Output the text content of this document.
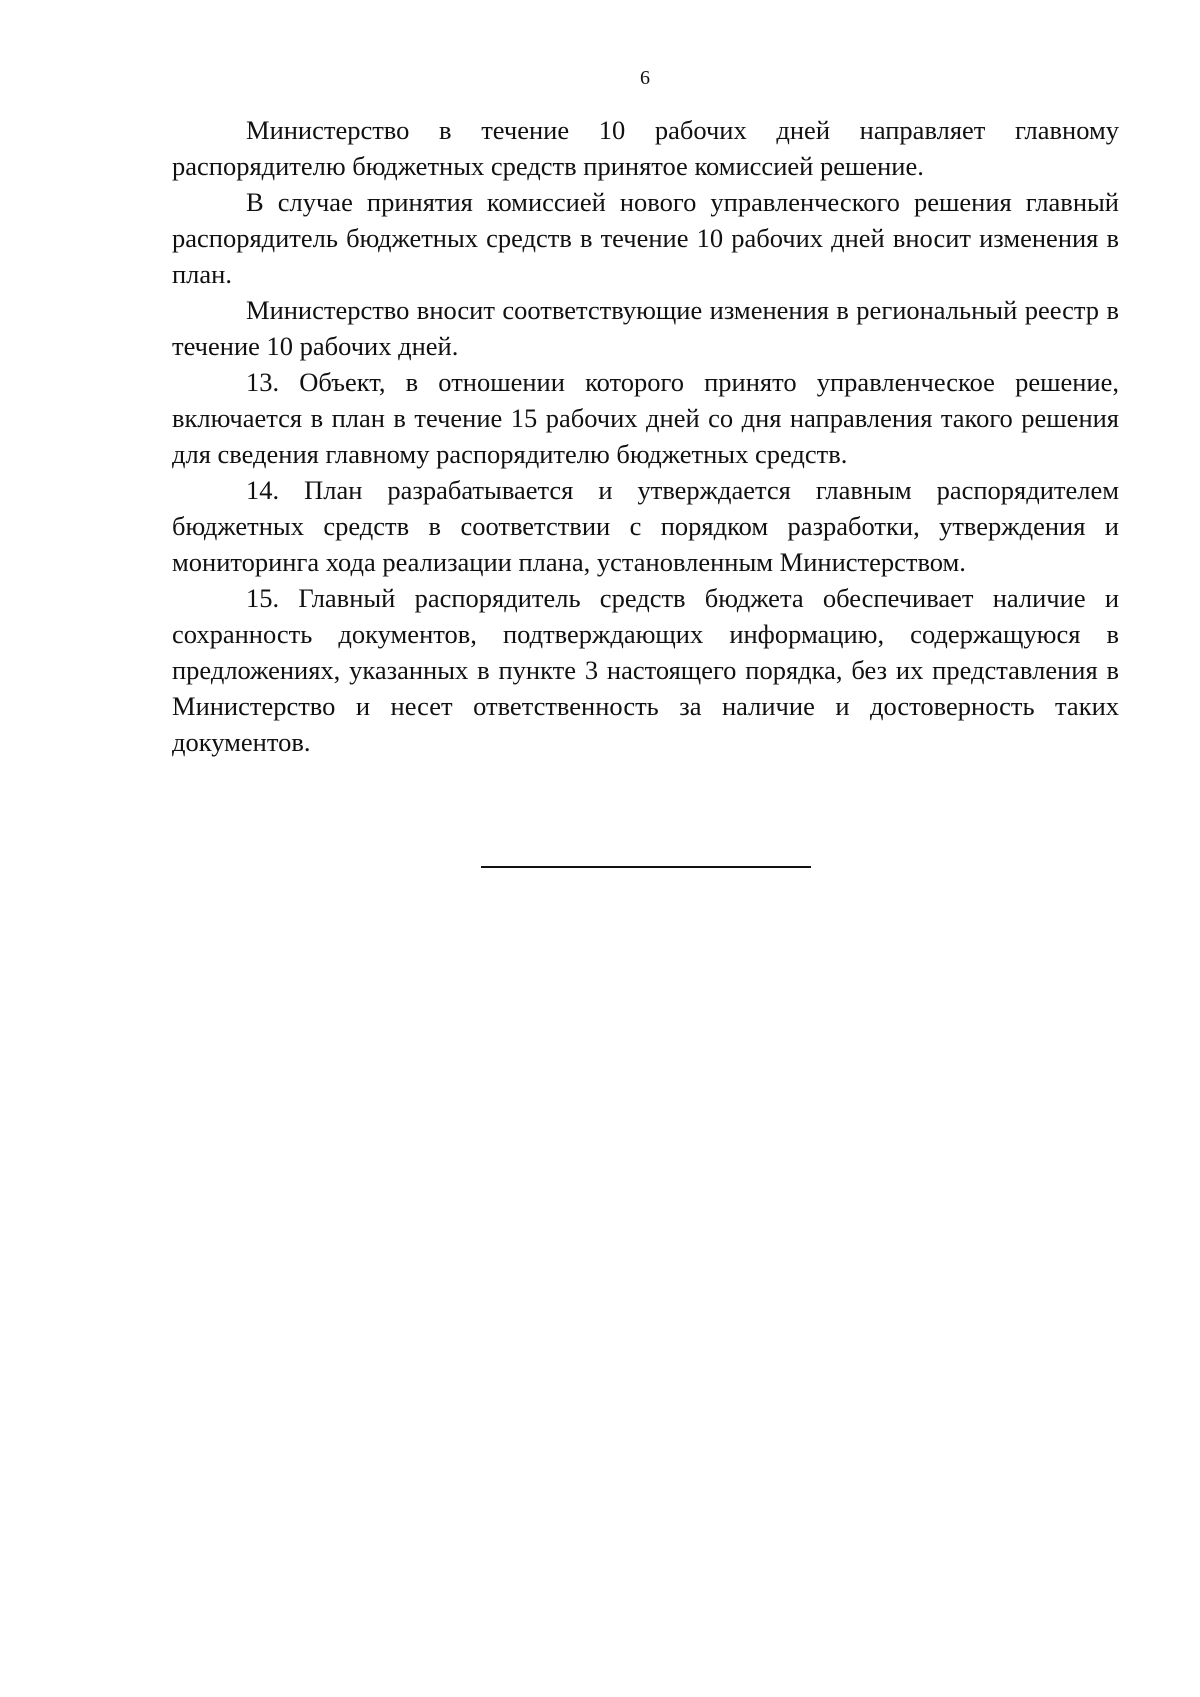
6

Министерство в течение 10 рабочих дней направляет главному распорядителю бюджетных средств принятое комиссией решение.

В случае принятия комиссией нового управленческого решения главный распорядитель бюджетных средств в течение 10 рабочих дней вносит изменения в план.

Министерство вносит соответствующие изменения в региональный реестр в течение 10 рабочих дней.

13. Объект, в отношении которого принято управленческое решение, включается в план в течение 15 рабочих дней со дня направления такого решения для сведения главному распорядителю бюджетных средств.

14. План разрабатывается и утверждается главным распорядителем бюджетных средств в соответствии с порядком разработки, утверждения и мониторинга хода реализации плана, установленным Министерством.

15. Главный распорядитель средств бюджета обеспечивает наличие и сохранность документов, подтверждающих информацию, содержащуюся в предложениях, указанных в пункте 3 настоящего порядка, без их представления в Министерство и несет ответственность за наличие и достоверность таких документов.
